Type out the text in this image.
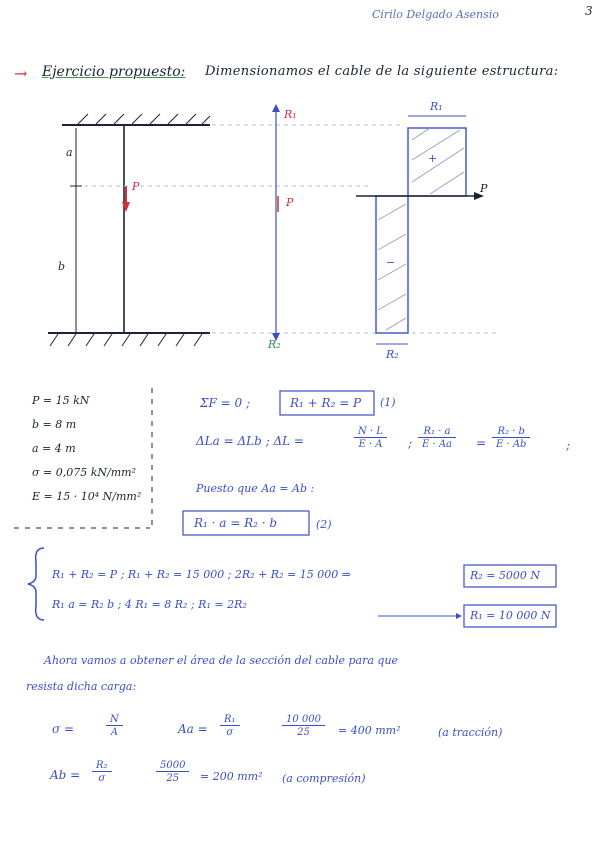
Cirilo Delgado Asensio	3
→ Ejercicio propuesto: Dimensionamos el cable de la siguiente estructura:
a
b
P
P
R₁
R₂
R₁
R₂
P
+
−
P = 15 kN
b = 8 m
a = 4 m
σ = 0,075 kN/mm²
E = 15 · 10⁴ N/mm²
ΣF = 0 ;	R₁ + R₂ = P (1)
ΔLa = ΔLb ; ΔL =	$\frac{N \cdot L}{E \cdot A}$ ; $\frac{\text{R₁ · a}}{E \cdot Aa} = \frac{\text{R₂ · b}}{E \cdot Ab}$	;
Puesto que Aa = Ab :
R₁ · a = R₂ · b	(2)
R₁ + R₂ = P ; R₁ + R₂ = 15 000 ; 2R₂ + R₂ = 15 000 ⇒	R₂ = 5000 N
R₁ a = R₂ b ; 4 R₁ = 8 R₂ ; R₁ = 2R₂
R₁ = 10 000 N
Ahora vamos a obtener el área de la sección del cable para que
resista dicha carga:
σ =	$\frac{N}{A}$	$Aa = \frac{\text{R₁}}{\sigma}$	$\frac{10 000}{25} = 400$ mm²	(a tracción)
$Ab = \frac{\text{R₂}}{\sigma}$	$\frac{5000}{25} = 200$ mm² (a compresión)
